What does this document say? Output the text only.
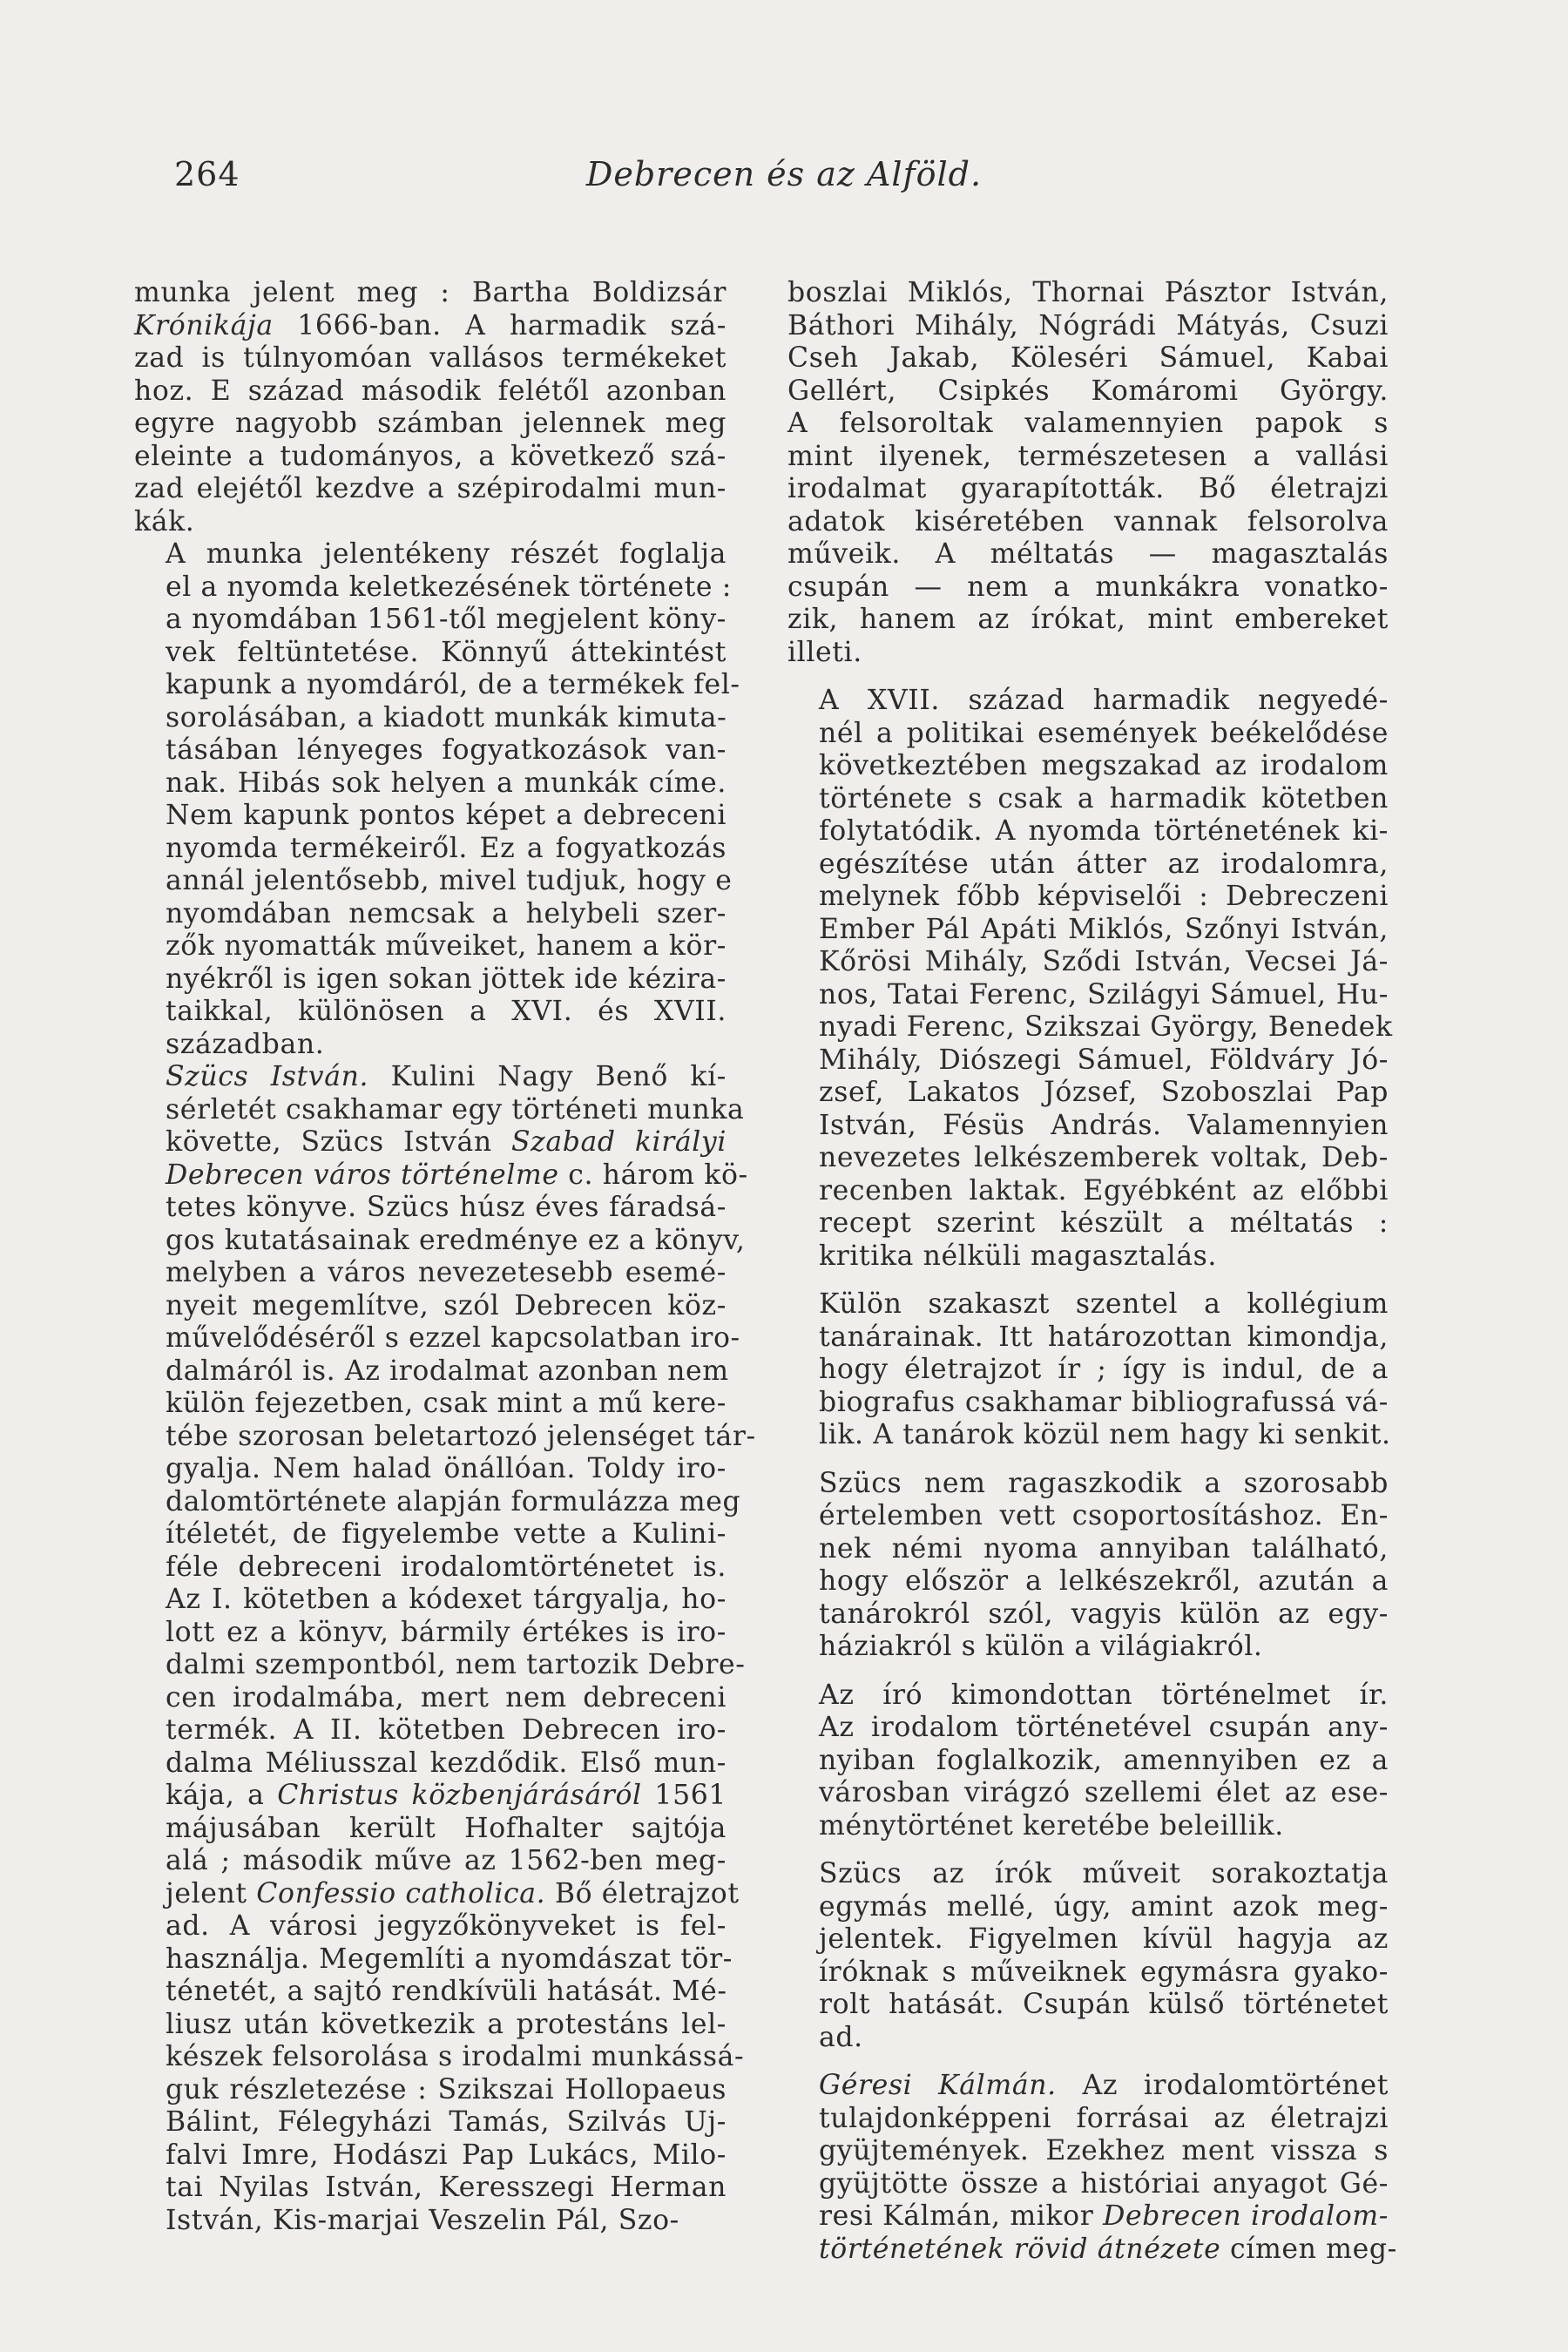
264	Debrecen és az Alföld.

munka jelent meg : Bartha Boldizsár
Krónikája 1666-ban. A harmadik szá-
zad is túlnyomóan vallásos termékeket
hoz. E század második felétől azonban
egyre nagyobb számban jelennek meg
eleinte a tudományos, a következő szá-
zad elejétől kezdve a szépirodalmi mun-
kák.

A munka jelentékeny részét foglalja
el a nyomda keletkezésének története :
a nyomdában 1561-től megjelent köny-
vek feltüntetése. Könnyű áttekintést
kapunk a nyomdáról, de a termékek fel-
sorolásában, a kiadott munkák kimuta-
tásában lényeges fogyatkozások van-
nak. Hibás sok helyen a munkák címe.
Nem kapunk pontos képet a debreceni
nyomda termékeiről. Ez a fogyatkozás
annál jelentősebb, mivel tudjuk, hogy e
nyomdában nemcsak a helybeli szer-
zők nyomatták műveiket, hanem a kör-
nyékről is igen sokan jöttek ide kézira-
taikkal, különösen a XVI. és XVII.
században.

Szücs István. Kulini Nagy Benő kí-
sérletét csakhamar egy történeti munka
követte, Szücs István Szabad királyi
Debrecen város történelme c. három kö-
tetes könyve. Szücs húsz éves fáradsá-
gos kutatásainak eredménye ez a könyv,
melyben a város nevezetesebb esemé-
nyeit megemlítve, szól Debrecen köz-
művelődéséről s ezzel kapcsolatban iro-
dalmáról is. Az irodalmat azonban nem
külön fejezetben, csak mint a mű kere-
tébe szorosan beletartozó jelenséget tár-
gyalja. Nem halad önállóan. Toldy iro-
dalomtörténete alapján formulázza meg
ítéletét, de figyelembe vette a Kulini-
féle debreceni irodalomtörténetet is.
Az I. kötetben a kódexet tárgyalja, ho-
lott ez a könyv, bármily értékes is iro-
dalmi szempontból, nem tartozik Debre-
cen irodalmába, mert nem debreceni
termék. A II. kötetben Debrecen iro-
dalma Méliusszal kezdődik. Első mun-
kája, a Christus közbenjárásáról 1561
májusában került Hofhalter sajtója
alá ; második műve az 1562-ben meg-
jelent Confessio catholica. Bő életrajzot
ad. A városi jegyzőkönyveket is fel-
használja. Megemlíti a nyomdászat tör-
ténetét, a sajtó rendkívüli hatását. Mé-
liusz után következik a protestáns lel-
készek felsorolása s irodalmi munkássá-
guk részletezése : Szikszai Hollopaeus
Bálint, Félegyházi Tamás, Szilvás Uj-
falvi Imre, Hodászi Pap Lukács, Milo-
tai Nyilas István, Keresszegi Herman
István, Kis-marjai Veszelin Pál, Szo-

boszlai Miklós, Thornai Pásztor István,
Báthori Mihály, Nógrádi Mátyás, Csuzi
Cseh Jakab, Köleséri Sámuel, Kabai
Gellért, Csipkés Komáromi György.
A felsoroltak valamennyien papok s
mint ilyenek, természetesen a vallási
irodalmat gyarapították. Bő életrajzi
adatok kiséretében vannak felsorolva
műveik. A méltatás — magasztalás
csupán — nem a munkákra vonatko-
zik, hanem az írókat, mint embereket
illeti.

A XVII. század harmadik negyedé-
nél a politikai események beékelődése
következtében megszakad az irodalom
története s csak a harmadik kötetben
folytatódik. A nyomda történetének ki-
egészítése után átter az irodalomra,
melynek főbb képviselői : Debreczeni
Ember Pál Apáti Miklós, Szőnyi István,
Kőrösi Mihály, Sződi István, Vecsei Já-
nos, Tatai Ferenc, Szilágyi Sámuel, Hu-
nyadi Ferenc, Szikszai György, Benedek
Mihály, Diószegi Sámuel, Földváry Jó-
zsef, Lakatos József, Szoboszlai Pap
István, Fésüs András. Valamennyien
nevezetes lelkészemberek voltak, Deb-
recenben laktak. Egyébként az előbbi
recept szerint készült a méltatás :
kritika nélküli magasztalás.

Külön szakaszt szentel a kollégium
tanárainak. Itt határozottan kimondja,
hogy életrajzot ír ; így is indul, de a
biografus csakhamar bibliografussá vá-
lik. A tanárok közül nem hagy ki senkit.

Szücs nem ragaszkodik a szorosabb
értelemben vett csoportosításhoz. En-
nek némi nyoma annyiban található,
hogy először a lelkészekről, azután a
tanárokról szól, vagyis külön az egy-
háziakról s külön a világiakról.

Az író kimondottan történelmet ír.
Az irodalom történetével csupán any-
nyiban foglalkozik, amennyiben ez a
városban virágzó szellemi élet az ese-
ménytörténet keretébe beleillik.

Szücs az írók műveit sorakoztatja
egymás mellé, úgy, amint azok meg-
jelentek. Figyelmen kívül hagyja az
íróknak s műveiknek egymásra gyako-
rolt hatását. Csupán külső történetet
ad.

Géresi Kálmán. Az irodalomtörténet
tulajdonképpeni forrásai az életrajzi
gyüjtemények. Ezekhez ment vissza s
gyüjtötte össze a históriai anyagot Gé-
resi Kálmán, mikor Debrecen irodalom-
történetének rövid átnézete címen meg-
